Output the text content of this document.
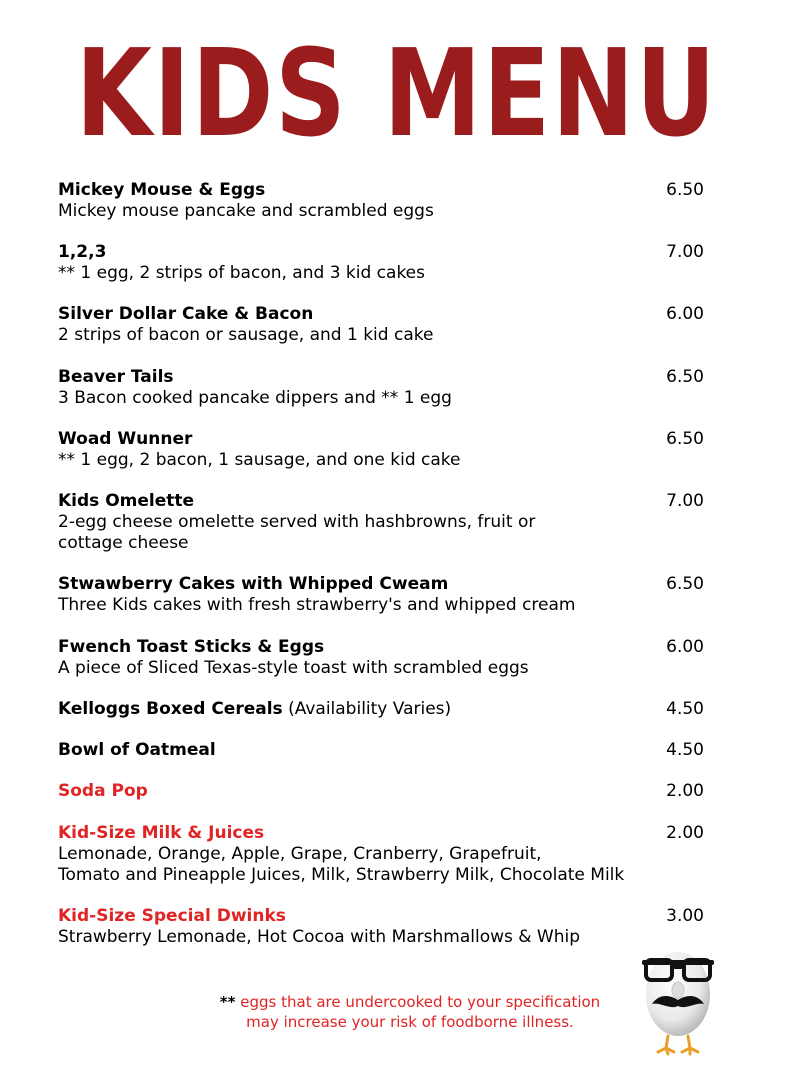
KIDS MENU
Mickey Mouse & Eggs	6.50
Mickey mouse pancake and scrambled eggs
1,2,3	7.00
** 1 egg, 2 strips of bacon, and 3 kid cakes
Silver Dollar Cake & Bacon	6.00
2 strips of bacon or sausage, and 1 kid cake
Beaver Tails	6.50
3 Bacon cooked pancake dippers and ** 1 egg
Woad Wunner	6.50
** 1 egg, 2 bacon, 1 sausage, and one kid cake
Kids Omelette	7.00
2-egg cheese omelette served with hashbrowns, fruit or
cottage cheese
Stwawberry Cakes with Whipped Cweam	6.50
Three Kids cakes with fresh strawberry's and whipped cream
Fwench Toast Sticks & Eggs	6.00
A piece of Sliced Texas-style toast with scrambled eggs
Kelloggs Boxed Cereals (Availability Varies)	4.50
Bowl of Oatmeal	4.50
Soda Pop	2.00
Kid-Size Milk & Juices	2.00
Lemonade, Orange, Apple, Grape, Cranberry, Grapefruit,
Tomato and Pineapple Juices, Milk, Strawberry Milk, Chocolate Milk
Kid-Size Special Dwinks	3.00
Strawberry Lemonade, Hot Cocoa with Marshmallows & Whip
** eggs that are undercooked to your specification
may increase your risk of foodborne illness.
